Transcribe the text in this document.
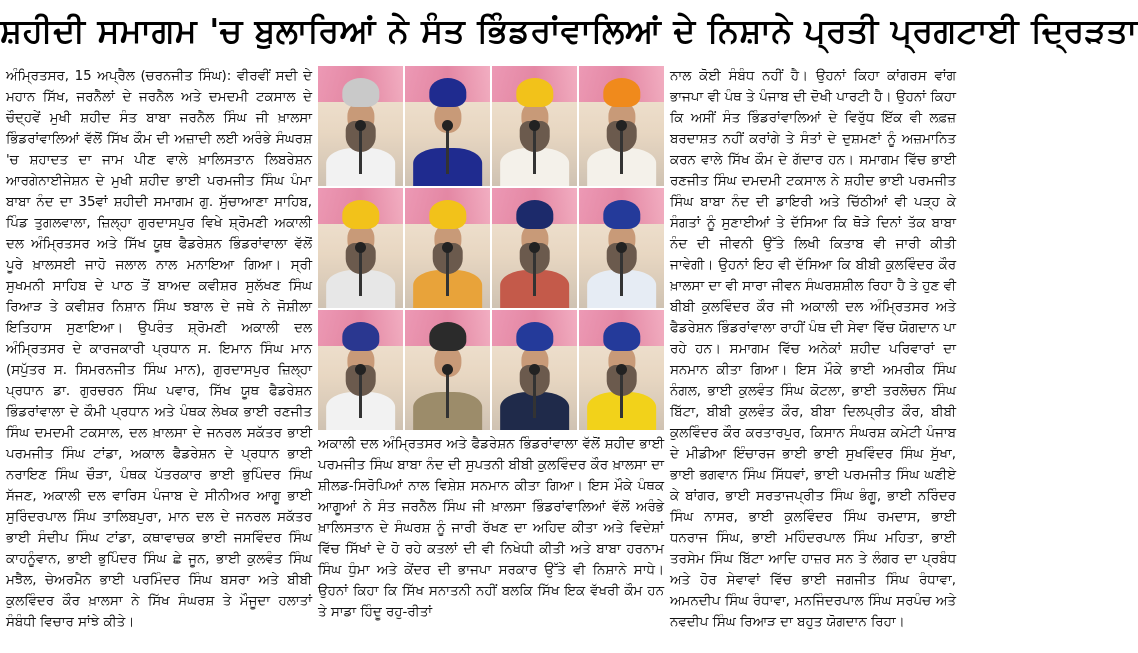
ਸ਼ਹੀਦੀ ਸਮਾਗਮ 'ਚ ਬੁਲਾਰਿਆਂ ਨੇ ਸੰਤ ਭਿੰਡਰਾਂਵਾਲਿਆਂ ਦੇ ਨਿਸ਼ਾਨੇ ਪ੍ਰਤੀ ਪ੍ਰਗਟਾਈ ਦ੍ਰਿੜਤਾ

ਅੰਮ੍ਰਿਤਸਰ, 15 ਅਪ੍ਰੈਲ (ਚਰਨਜੀਤ ਸਿੰਘ): ਵੀਰਵੀਂ ਸਦੀ ਦੇ ਮਹਾਨ ਸਿੱਖ, ਜਰਨੈਲਾਂ ਦੇ ਜਰਨੈਲ ਅਤੇ ਦਮਦਮੀ ਟਕਸਾਲ ਦੇ ਚੌਦ੍ਹਵੇਂ ਮੁਖੀ ਸ਼ਹੀਦ ਸੰਤ ਬਾਬਾ ਜਰਨੈਲ ਸਿੰਘ ਜੀ ਖ਼ਾਲਸਾ ਭਿੰਡਰਾਂਵਾਲਿਆਂ ਵੱਲੋਂ ਸਿੱਖ ਕੌਮ ਦੀ ਅਜ਼ਾਦੀ ਲਈ ਅਰੰਭੇ ਸੰਘਰਸ਼ 'ਚ ਸ਼ਹਾਦਤ ਦਾ ਜਾਮ ਪੀਣ ਵਾਲੇ ਖ਼ਾਲਿਸਤਾਨ ਲਿਬਰੇਸ਼ਨ ਆਰਗੇਨਾਈਜੇਸ਼ਨ ਦੇ ਮੁਖੀ ਸ਼ਹੀਦ ਭਾਈ ਪਰਮਜੀਤ ਸਿੰਘ ਪੰਮਾ ਬਾਬਾ ਨੰਦ ਦਾ 35ਵਾਂ ਸ਼ਹੀਦੀ ਸਮਾਗਮ ਗੁ. ਸੁੱਚਾਆਣਾ ਸਾਹਿਬ, ਪਿੰਡ ਤੁਗਲਵਾਲਾ, ਜ਼ਿਲ੍ਹਾ ਗੁਰਦਾਸਪੁਰ ਵਿਖੇ ਸ਼੍ਰੋਮਣੀ ਅਕਾਲੀ ਦਲ ਅੰਮ੍ਰਿਤਸਰ ਅਤੇ ਸਿੱਖ ਯੂਥ ਫੈਡਰੇਸ਼ਨ ਭਿੰਡਰਾਂਵਾਲਾ ਵੱਲੋਂ ਪੂਰੇ ਖ਼ਾਲਸਈ ਜਾਹੋ ਜਲਾਲ ਨਾਲ ਮਨਾਇਆ ਗਿਆ। ਸ੍ਰੀ ਸੁਖਮਨੀ ਸਾਹਿਬ ਦੇ ਪਾਠ ਤੋਂ ਬਾਅਦ ਕਵੀਸ਼ਰ ਸੁਲੱਖਣ ਸਿੰਘ ਰਿਆੜ ਤੇ ਕਵੀਸ਼ਰ ਨਿਸ਼ਾਨ ਸਿੰਘ ਝਬਾਲ ਦੇ ਜਥੇ ਨੇ ਜੋਸ਼ੀਲਾ ਇਤਿਹਾਸ ਸੁਣਾਇਆ। ਉਪਰੰਤ ਸ਼੍ਰੋਮਣੀ ਅਕਾਲੀ ਦਲ ਅੰਮ੍ਰਿਤਸਰ ਦੇ ਕਾਰਜਕਾਰੀ ਪ੍ਰਧਾਨ ਸ. ਇਮਾਨ ਸਿੰਘ ਮਾਨ (ਸਪੁੱਤਰ ਸ. ਸਿਮਰਨਜੀਤ ਸਿੰਘ ਮਾਨ), ਗੁਰਦਾਸਪੁਰ ਜ਼ਿਲ੍ਹਾ ਪ੍ਰਧਾਨ ਡਾ. ਗੁਰਚਰਨ ਸਿੰਘ ਪਵਾਰ, ਸਿੱਖ ਯੂਥ ਫੈਡਰੇਸ਼ਨ ਭਿੰਡਰਾਂਵਾਲਾ ਦੇ ਕੌਮੀ ਪ੍ਰਧਾਨ ਅਤੇ ਪੰਥਕ ਲੇਖਕ ਭਾਈ ਰਣਜੀਤ ਸਿੰਘ ਦਮਦਮੀ ਟਕਸਾਲ, ਦਲ ਖ਼ਾਲਸਾ ਦੇ ਜਨਰਲ ਸਕੱਤਰ ਭਾਈ ਪਰਮਜੀਤ ਸਿੰਘ ਟਾਂਡਾ, ਅਕਾਲ ਫੈਡਰੇਸ਼ਨ ਦੇ ਪ੍ਰਧਾਨ ਭਾਈ ਨਰਾਇਣ ਸਿੰਘ ਚੌੜਾ, ਪੰਥਕ ਪੱਤਰਕਾਰ ਭਾਈ ਭੁਪਿੰਦਰ ਸਿੰਘ ਸੱਜਣ, ਅਕਾਲੀ ਦਲ ਵਾਰਿਸ ਪੰਜਾਬ ਦੇ ਸੀਨੀਅਰ ਆਗੂ ਭਾਈ ਸੁਰਿੰਦਰਪਾਲ ਸਿੰਘ ਤਾਲਿਬਪੁਰਾ, ਮਾਨ ਦਲ ਦੇ ਜਨਰਲ ਸਕੱਤਰ ਭਾਈ ਸੰਦੀਪ ਸਿੰਘ ਟਾਂਡਾ, ਕਥਾਵਾਚਕ ਭਾਈ ਜਸਵਿੰਦਰ ਸਿੰਘ ਕਾਹਨੂੰਵਾਨ, ਭਾਈ ਭੁਪਿੰਦਰ ਸਿੰਘ ਛੇ ਜੂਨ, ਭਾਈ ਕੁਲਵੰਤ ਸਿੰਘ ਮਝੈਲ, ਚੇਅਰਮੈਨ ਭਾਈ ਪਰਮਿੰਦਰ ਸਿੰਘ ਬਸਰਾ ਅਤੇ ਬੀਬੀ ਕੁਲਵਿੰਦਰ ਕੌਰ ਖ਼ਾਲਸਾ ਨੇ ਸਿੱਖ ਸੰਘਰਸ਼ ਤੇ ਮੌਜੂਦਾ ਹਲਾਤਾਂ ਸੰਬੰਧੀ ਵਿਚਾਰ ਸਾਂਝੇ ਕੀਤੇ।

ਅਕਾਲੀ ਦਲ ਅੰਮ੍ਰਿਤਸਰ ਅਤੇ ਫੈਡਰੇਸ਼ਨ ਭਿੰਡਰਾਂਵਾਲਾ ਵੱਲੋਂ ਸ਼ਹੀਦ ਭਾਈ ਪਰਮਜੀਤ ਸਿੰਘ ਬਾਬਾ ਨੰਦ ਦੀ ਸੁਪਤਨੀ ਬੀਬੀ ਕੁਲਵਿੰਦਰ ਕੌਰ ਖ਼ਾਲਸਾ ਦਾ ਸ਼ੀਲਡ-ਸਿਰੋਪਿਆਂ ਨਾਲ ਵਿਸ਼ੇਸ਼ ਸਨਮਾਨ ਕੀਤਾ ਗਿਆ। ਇਸ ਮੌਕੇ ਪੰਥਕ ਆਗੂਆਂ ਨੇ ਸੰਤ ਜਰਨੈਲ ਸਿੰਘ ਜੀ ਖ਼ਾਲਸਾ ਭਿੰਡਰਾਂਵਾਲਿਆਂ ਵੱਲੋਂ ਅਰੰਭੇ ਖ਼ਾਲਿਸਤਾਨ ਦੇ ਸੰਘਰਸ਼ ਨੂੰ ਜਾਰੀ ਰੱਖਣ ਦਾ ਅਹਿਦ ਕੀਤਾ ਅਤੇ ਵਿਦੇਸ਼ਾਂ ਵਿੱਚ ਸਿੱਖਾਂ ਦੇ ਹੋ ਰਹੇ ਕਤਲਾਂ ਦੀ ਵੀ ਨਿਖੇਧੀ ਕੀਤੀ ਅਤੇ ਬਾਬਾ ਹਰਨਾਮ ਸਿੰਘ ਧੁੰਮਾ ਅਤੇ ਕੇਂਦਰ ਦੀ ਭਾਜਪਾ ਸਰਕਾਰ ਉੱਤੇ ਵੀ ਨਿਸ਼ਾਨੇ ਸਾਧੇ। ਉਹਨਾਂ ਕਿਹਾ ਕਿ ਸਿੱਖ ਸਨਾਤਨੀ ਨਹੀਂ ਬਲਕਿ ਸਿੱਖ ਇਕ ਵੱਖਰੀ ਕੌਮ ਹਨ ਤੇ ਸਾਡਾ ਹਿੰਦੂ ਰਹੁ-ਰੀਤਾਂ

ਨਾਲ ਕੋਈ ਸੰਬੰਧ ਨਹੀਂ ਹੈ। ਉਹਨਾਂ ਕਿਹਾ ਕਾਂਗਰਸ ਵਾਂਗ ਭਾਜਪਾ ਵੀ ਪੰਥ ਤੇ ਪੰਜਾਬ ਦੀ ਦੋਖੀ ਪਾਰਟੀ ਹੈ। ਉਹਨਾਂ ਕਿਹਾ ਕਿ ਅਸੀਂ ਸੰਤ ਭਿੰਡਰਾਂਵਾਲਿਆਂ ਦੇ ਵਿਰੁੱਧ ਇੱਕ ਵੀ ਲਫ਼ਜ਼ ਬਰਦਾਸ਼ਤ ਨਹੀਂ ਕਰਾਂਗੇ ਤੇ ਸੰਤਾਂ ਦੇ ਦੁਸ਼ਮਣਾਂ ਨੂੰ ਅਜ਼ਮਾਨਿਤ ਕਰਨ ਵਾਲੇ ਸਿੱਖ ਕੌਮ ਦੇ ਗੱਦਾਰ ਹਨ। ਸਮਾਗਮ ਵਿੱਚ ਭਾਈ ਰਣਜੀਤ ਸਿੰਘ ਦਮਦਮੀ ਟਕਸਾਲ ਨੇ ਸ਼ਹੀਦ ਭਾਈ ਪਰਮਜੀਤ ਸਿੰਘ ਬਾਬਾ ਨੰਦ ਦੀ ਡਾਇਰੀ ਅਤੇ ਚਿੱਠੀਆਂ ਵੀ ਪੜ੍ਹ ਕੇ ਸੰਗਤਾਂ ਨੂੰ ਸੁਣਾਈਆਂ ਤੇ ਦੱਸਿਆ ਕਿ ਥੋੜੇ ਦਿਨਾਂ ਤੱਕ ਬਾਬਾ ਨੰਦ ਦੀ ਜੀਵਨੀ ਉੱਤੇ ਲਿਖੀ ਕਿਤਾਬ ਵੀ ਜਾਰੀ ਕੀਤੀ ਜਾਵੇਗੀ। ਉਹਨਾਂ ਇਹ ਵੀ ਦੱਸਿਆ ਕਿ ਬੀਬੀ ਕੁਲਵਿੰਦਰ ਕੌਰ ਖ਼ਾਲਸਾ ਦਾ ਵੀ ਸਾਰਾ ਜੀਵਨ ਸੰਘਰਸ਼ਸ਼ੀਲ ਰਿਹਾ ਹੈ ਤੇ ਹੁਣ ਵੀ ਬੀਬੀ ਕੁਲਵਿੰਦਰ ਕੌਰ ਜੀ ਅਕਾਲੀ ਦਲ ਅੰਮ੍ਰਿਤਸਰ ਅਤੇ ਫੈਡਰੇਸ਼ਨ ਭਿੰਡਰਾਂਵਾਲਾ ਰਾਹੀਂ ਪੰਥ ਦੀ ਸੇਵਾ ਵਿੱਚ ਯੋਗਦਾਨ ਪਾ ਰਹੇ ਹਨ। ਸਮਾਗਮ ਵਿੱਚ ਅਨੇਕਾਂ ਸ਼ਹੀਦ ਪਰਿਵਾਰਾਂ ਦਾ ਸਨਮਾਨ ਕੀਤਾ ਗਿਆ। ਇਸ ਮੌਕੇ ਭਾਈ ਅਮਰੀਕ ਸਿੰਘ ਨੰਗਲ, ਭਾਈ ਕੁਲਵੰਤ ਸਿੰਘ ਕੋਟਲਾ, ਭਾਈ ਤਰਲੋਚਨ ਸਿੰਘ ਬਿੱਟਾ, ਬੀਬੀ ਕੁਲਵੰਤ ਕੌਰ, ਬੀਬਾ ਦਿਲਪ੍ਰੀਤ ਕੌਰ, ਬੀਬੀ ਕੁਲਵਿੰਦਰ ਕੌਰ ਕਰਤਾਰਪੁਰ, ਕਿਸਾਨ ਸੰਘਰਸ਼ ਕਮੇਟੀ ਪੰਜਾਬ ਦੇ ਮੀਡੀਆ ਇੰਚਾਰਜ ਭਾਈ ਭਾਈ ਸੁਖਵਿੰਦਰ ਸਿੰਘ ਸੁੱਖਾ, ਭਾਈ ਭਗਵਾਨ ਸਿੰਘ ਸਿੱਧਵਾਂ, ਭਾਈ ਪਰਮਜੀਤ ਸਿੰਘ ਘਣੀਏ ਕੇ ਬਾਂਗਰ, ਭਾਈ ਸਰਤਾਜਪ੍ਰੀਤ ਸਿੰਘ ਭੰਗੂ, ਭਾਈ ਨਰਿੰਦਰ ਸਿੰਘ ਨਾਸਰ, ਭਾਈ ਕੁਲਵਿੰਦਰ ਸਿੰਘ ਰਮਦਾਸ, ਭਾਈ ਧਨਰਾਜ ਸਿੰਘ, ਭਾਈ ਮਹਿੰਦਰਪਾਲ ਸਿੰਘ ਮਹਿਤਾ, ਭਾਈ ਤਰਸੇਮ ਸਿੰਘ ਬਿੱਟਾ ਆਦਿ ਹਾਜ਼ਰ ਸਨ ਤੇ ਲੰਗਰ ਦਾ ਪ੍ਰਬੰਧ ਅਤੇ ਹੋਰ ਸੇਵਾਵਾਂ ਵਿੱਚ ਭਾਈ ਜਗਜੀਤ ਸਿੰਘ ਰੰਧਾਵਾ, ਅਮਨਦੀਪ ਸਿੰਘ ਰੰਧਾਵਾ, ਮਨਜਿੰਦਰਪਾਲ ਸਿੰਘ ਸਰਪੰਚ ਅਤੇ ਨਵਦੀਪ ਸਿੰਘ ਰਿਆੜ ਦਾ ਬਹੁਤ ਯੋਗਦਾਨ ਰਿਹਾ।
